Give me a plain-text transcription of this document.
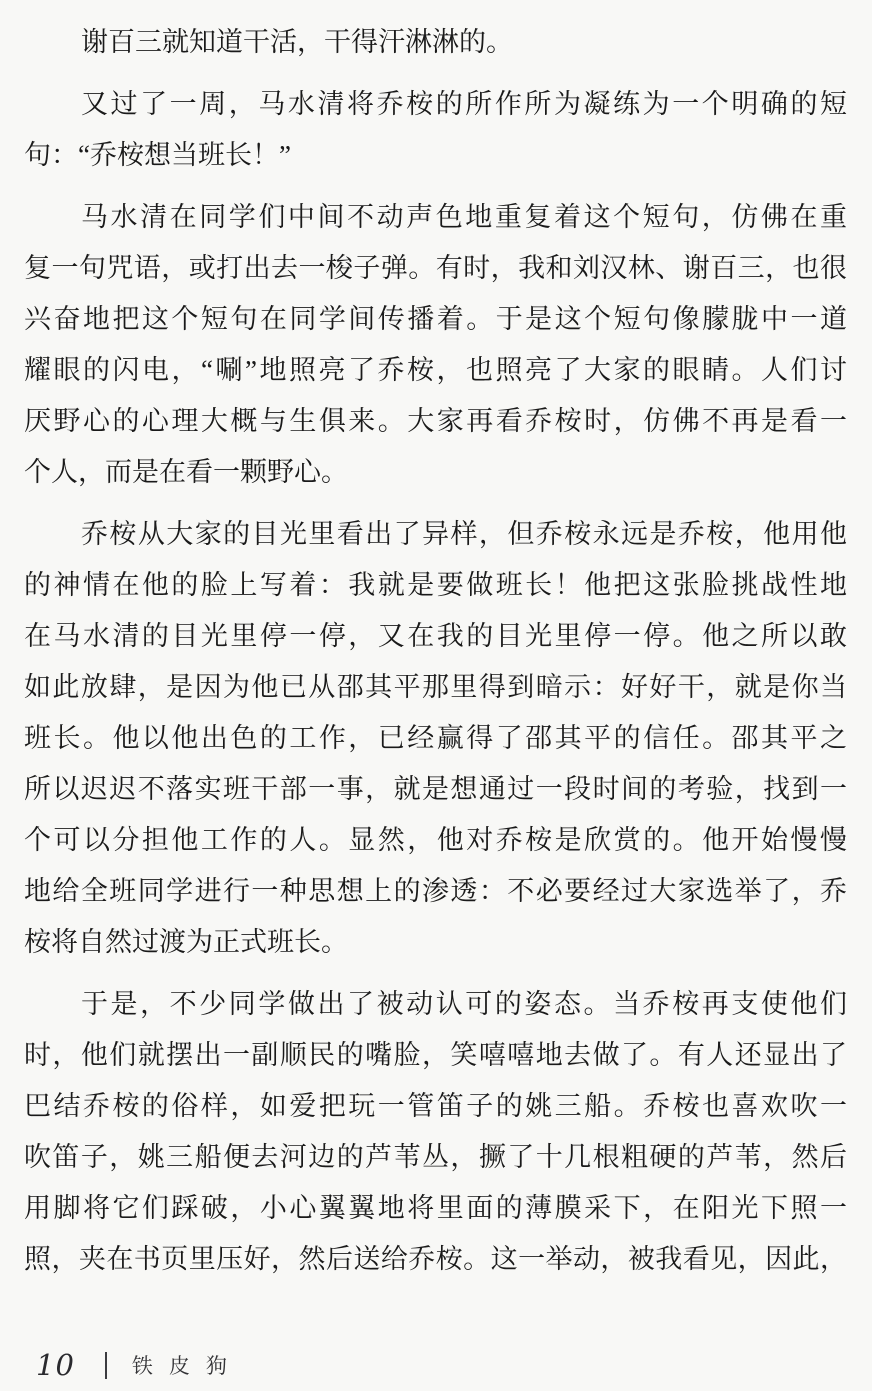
谢百三就知道干活，干得汗淋淋的。
又过了一周，马水清将乔桉的所作所为凝练为一个明确的短
句：“乔桉想当班长！”
马水清在同学们中间不动声色地重复着这个短句，仿佛在重
复一句咒语，或打出去一梭子弹。有时，我和刘汉林、谢百三，也很
兴奋地把这个短句在同学间传播着。于是这个短句像朦胧中一道
耀眼的闪电，“唰”地照亮了乔桉，也照亮了大家的眼睛。人们讨
厌野心的心理大概与生俱来。大家再看乔桉时，仿佛不再是看一
个人，而是在看一颗野心。
乔桉从大家的目光里看出了异样，但乔桉永远是乔桉，他用他
的神情在他的脸上写着：我就是要做班长！他把这张脸挑战性地
在马水清的目光里停一停，又在我的目光里停一停。他之所以敢
如此放肆，是因为他已从邵其平那里得到暗示：好好干，就是你当
班长。他以他出色的工作，已经赢得了邵其平的信任。邵其平之
所以迟迟不落实班干部一事，就是想通过一段时间的考验，找到一
个可以分担他工作的人。显然，他对乔桉是欣赏的。他开始慢慢
地给全班同学进行一种思想上的渗透：不必要经过大家选举了，乔
桉将自然过渡为正式班长。
于是，不少同学做出了被动认可的姿态。当乔桉再支使他们
时，他们就摆出一副顺民的嘴脸，笑嘻嘻地去做了。有人还显出了
巴结乔桉的俗样，如爱把玩一管笛子的姚三船。乔桉也喜欢吹一
吹笛子，姚三船便去河边的芦苇丛，撅了十几根粗硬的芦苇，然后
用脚将它们踩破，小心翼翼地将里面的薄膜采下，在阳光下照一
照，夹在书页里压好，然后送给乔桉。这一举动，被我看见，因此，
10	铁皮狗
